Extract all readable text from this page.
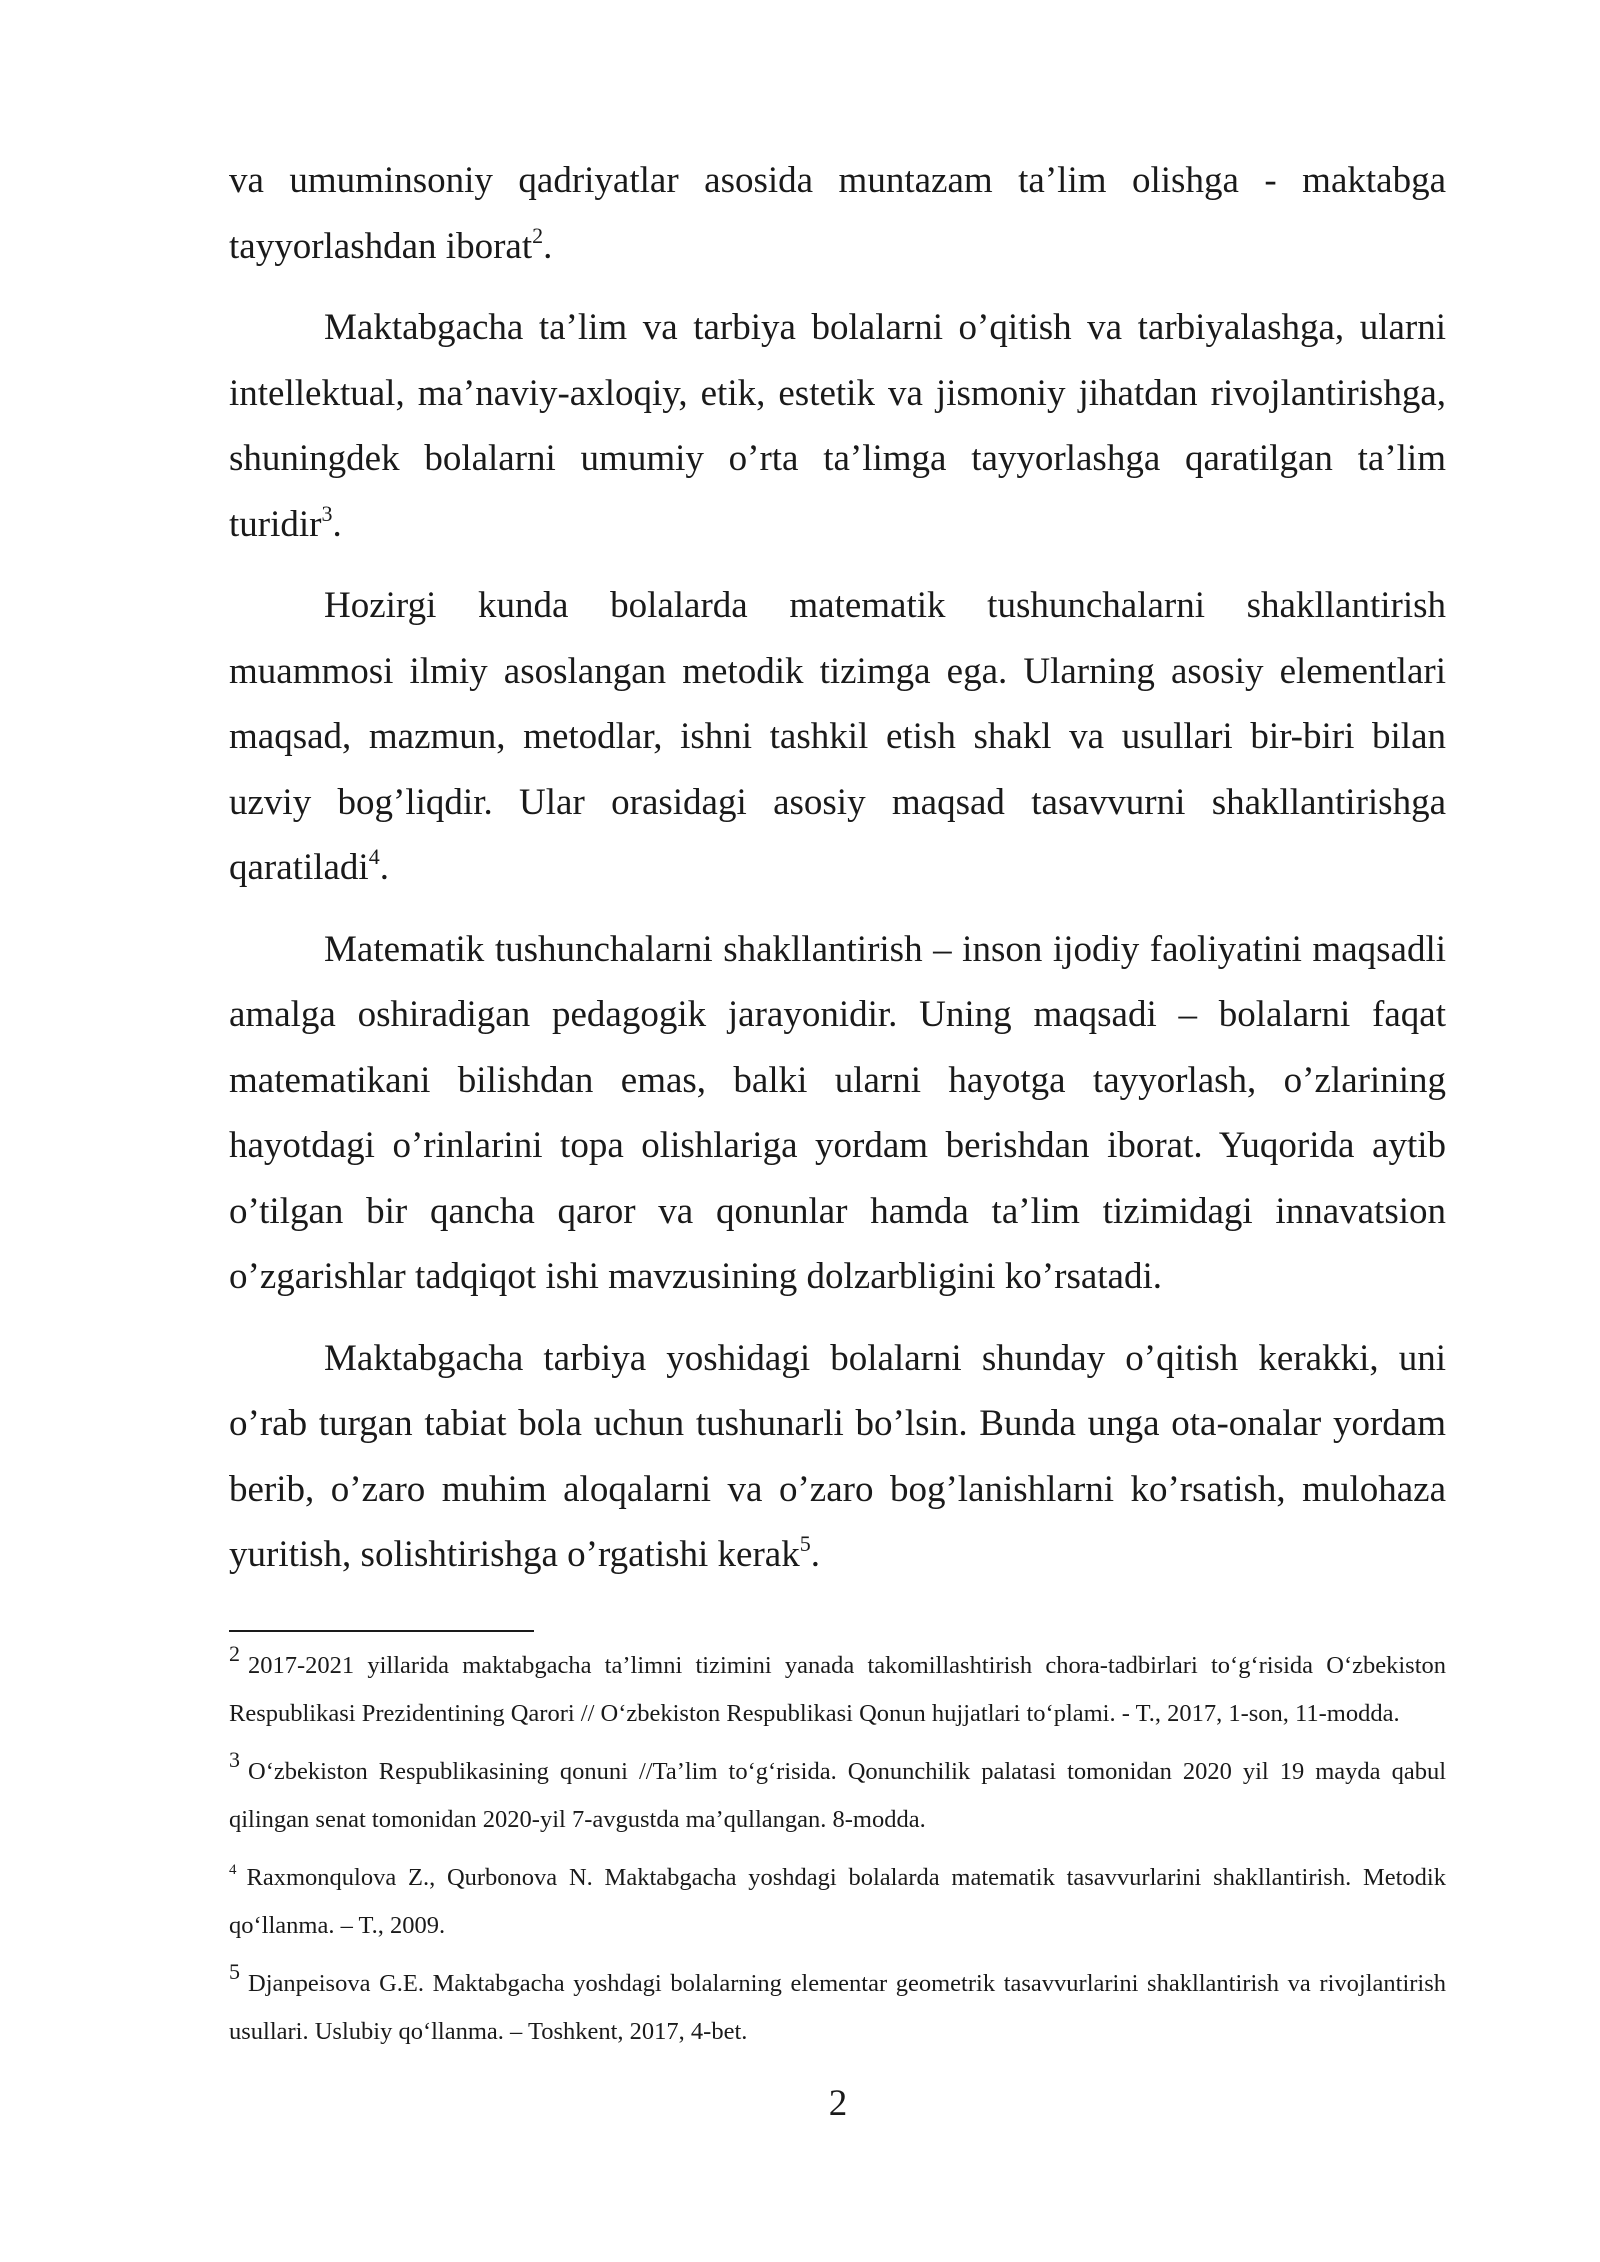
va umuminsoniy qadriyatlar asosida muntazam ta’lim olishga - maktabga tayyorlashdan iborat$^2$.

Maktabgacha ta’lim va tarbiya bolalarni o’qitish va tarbiyalashga, ularni intellektual, ma’naviy-axloqiy, etik, estetik va jismoniy jihatdan rivojlantirishga, shuningdek bolalarni umumiy o’rta ta’limga tayyorlashga qaratilgan ta’lim turidir$^3$.

Hozirgi kunda bolalarda matematik tushunchalarni shakllantirish muammosi ilmiy asoslangan metodik tizimga ega. Ularning asosiy elementlari maqsad, mazmun, metodlar, ishni tashkil etish shakl va usullari bir-biri bilan uzviy bog’liqdir. Ular orasidagi asosiy maqsad tasavvurni shakllantirishga qaratiladi$^4$.

Matematik tushunchalarni shakllantirish – inson ijodiy faoliyatini maqsadli amalga oshiradigan pedagogik jarayonidir. Uning maqsadi – bolalarni faqat matematikani bilishdan emas, balki ularni hayotga tayyorlash, o’zlarining hayotdagi o’rinlarini topa olishlariga yordam berishdan iborat. Yuqorida aytib o’tilgan bir qancha qaror va qonunlar hamda ta’lim tizimidagi innavatsion o’zgarishlar tadqiqot ishi mavzusining dolzarbligini ko’rsatadi.

Maktabgacha tarbiya yoshidagi bolalarni shunday o’qitish kerakki, uni o’rab turgan tabiat bola uchun tushunarli bo’lsin. Bunda unga ota-onalar yordam berib, o’zaro muhim aloqalarni va o’zaro bog’lanishlarni ko’rsatish, mulohaza yuritish, solishtirishga o’rgatishi kerak$^5$.

$^2$ 2017-2021 yillarida maktabgacha ta’limni tizimini yanada takomillashtirish chora-tadbirlari to‘g‘risida O‘zbekiston Respublikasi Prezidentining Qarori // O‘zbekiston Respublikasi Qonun hujjatlari to‘plami. - T., 2017, 1-son, 11-modda.

$^3$ O‘zbekiston Respublikasining qonuni //Ta’lim to‘g‘risida. Qonunchilik palatasi tomonidan 2020 yil 19 mayda qabul qilingan senat tomonidan 2020-yil 7-avgustda ma’qullangan. 8-modda.

$^4$ Raxmonqulova Z., Qurbonova N. Maktabgacha yoshdagi bolalarda matematik tasavvurlarini shakllantirish. Metodik qo‘llanma. – T., 2009.

$^5$ Djanpeisova G.E. Maktabgacha yoshdagi bolalarning elementar geometrik tasavvurlarini shakllantirish va rivojlantirish usullari. Uslubiy qo‘llanma. – Toshkent, 2017, 4-bet.

2
